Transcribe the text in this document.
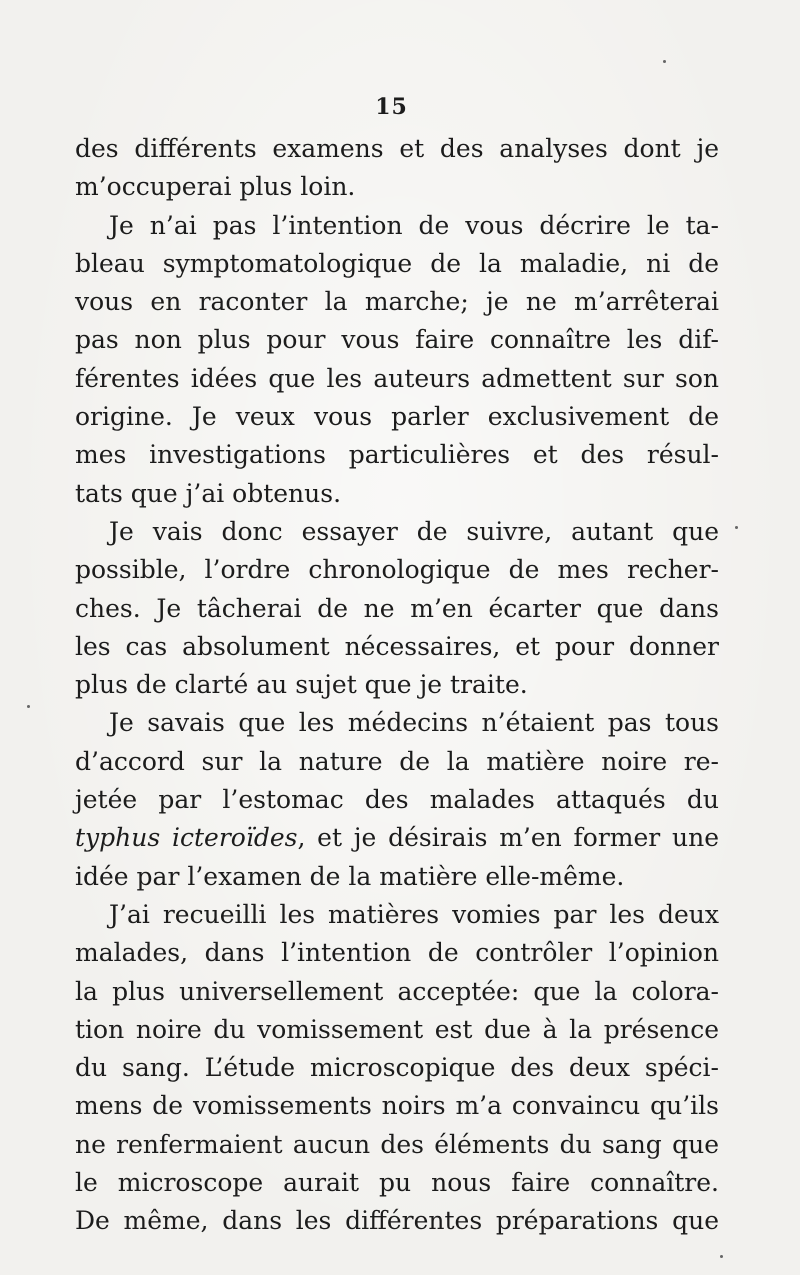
15
des différents examens et des analyses dont je
m’occuperai plus loin.
Je n’ai pas l’intention de vous décrire le ta-
bleau symptomatologique de la maladie, ni de
vous en raconter la marche; je ne m’arrêterai
pas non plus pour vous faire connaître les dif-
férentes idées que les auteurs admettent sur son
origine. Je veux vous parler exclusivement de
mes investigations particulières et des résul-
tats que j’ai obtenus.
Je vais donc essayer de suivre, autant que
possible, l’ordre chronologique de mes recher-
ches. Je tâcherai de ne m’en écarter que dans
les cas absolument nécessaires, et pour donner
plus de clarté au sujet que je traite.
Je savais que les médecins n’étaient pas tous
d’accord sur la nature de la matière noire re-
jetée par l’estomac des malades attaqués du
typhus icteroïdes, et je désirais m’en former une
idée par l’examen de la matière elle-même.
J’ai recueilli les matières vomies par les deux
malades, dans l’intention de contrôler l’opinion
la plus universellement acceptée: que la colora-
tion noire du vomissement est due à la présence
du sang. L’étude microscopique des deux spéci-
mens de vomissements noirs m’a convaincu qu’ils
ne renfermaient aucun des éléments du sang que
le microscope aurait pu nous faire connaître.
De même, dans les différentes préparations que
